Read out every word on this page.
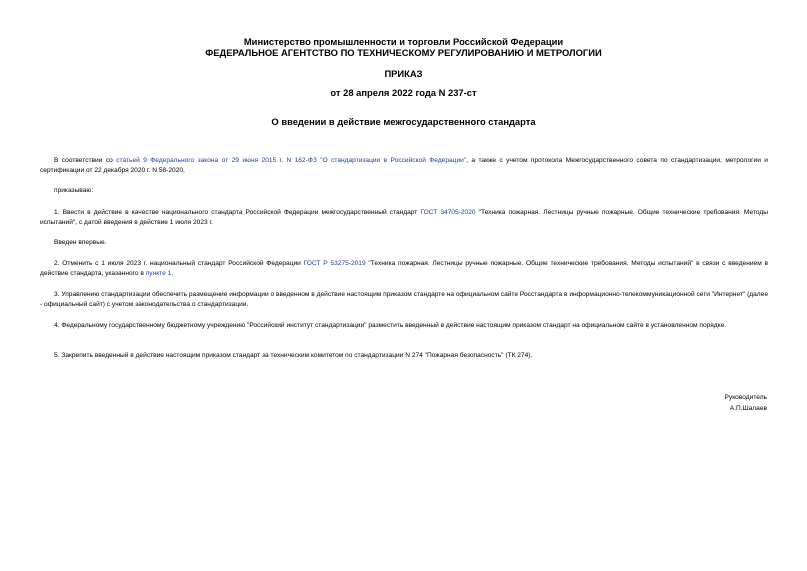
Министерство промышленности и торговли Российской Федерации
ФЕДЕРАЛЬНОЕ АГЕНТСТВО ПО ТЕХНИЧЕСКОМУ РЕГУЛИРОВАНИЮ И МЕТРОЛОГИИ
ПРИКАЗ
от 28 апреля 2022 года N 237-ст
О введении в действие межгосударственного стандарта
В соответствии со статьей 9 Федерального закона от 29 июня 2015 г. N 162-ФЗ "О стандартизации в Российской Федерации", а также с учетом протокола Межгосударственного совета по стандартизации, метрологии и сертификации от 22 декабря 2020 г. N 58-2020,
приказываю:
1. Ввести в действие в качестве национального стандарта Российской Федерации межгосударственный стандарт ГОСТ 34705-2020 "Техника пожарная. Лестницы ручные пожарные. Общие технические требования. Методы испытаний", с датой введения в действие 1 июля 2023 г.
Введен впервые.
2. Отменить с 1 июля 2023 г. национальный стандарт Российской Федерации ГОСТ Р 53275-2019 "Техника пожарная. Лестницы ручные пожарные. Общие технические требования. Методы испытаний" в связи с введением в действие стандарта, указанного в пункте 1.
3. Управлению стандартизации обеспечить размещение информации о введенном в действие настоящим приказом стандарте на официальном сайте Росстандарта в информационно-телекоммуникационной сети "Интернет" (далее - официальный сайт) с учетом законодательства о стандартизации.
4. Федеральному государственному бюджетному учреждению "Российский институт стандартизации" разместить введенный в действие настоящим приказом стандарт на официальном сайте в установленном порядке.
5. Закрепить введенный в действие настоящим приказом стандарт за техническим комитетом по стандартизации N 274 "Пожарная безопасность" (ТК 274).
Руководитель
А.П.Шалаев
